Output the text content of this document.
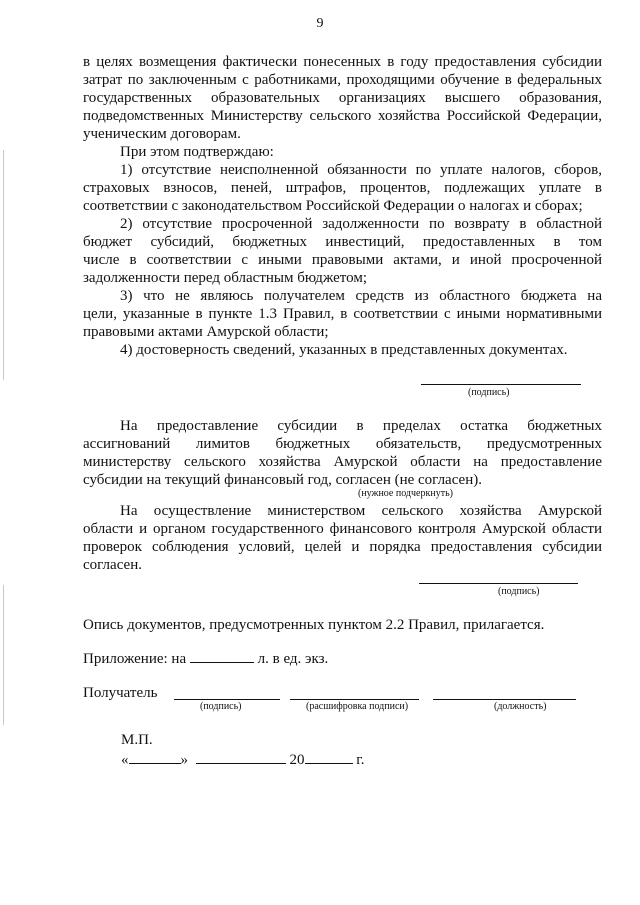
9
в целях возмещения фактически понесенных в году предоставления субсидии
затрат по заключенным с работниками, проходящими обучение в федеральных
государственных образовательных организациях высшего образования,
подведомственных Министерству сельского хозяйства Российской Федерации,
ученическим договорам.
При этом подтверждаю:
1) отсутствие неисполненной обязанности по уплате налогов, сборов,
страховых взносов, пеней, штрафов, процентов, подлежащих уплате в
соответствии с законодательством Российской Федерации о налогах и сборах;
2) отсутствие просроченной задолженности по возврату в областной
бюджет субсидий, бюджетных инвестиций, предоставленных в том
числе в соответствии с иными правовыми актами, и иной просроченной
задолженности перед областным бюджетом;
3) что не являюсь получателем средств из областного бюджета на
цели, указанные в пункте 1.3 Правил, в соответствии с иными нормативными
правовыми актами Амурской области;
4) достоверность сведений, указанных в представленных документах.
(подпись)
На предоставление субсидии в пределах остатка бюджетных
ассигнований лимитов бюджетных обязательств, предусмотренных
министерству сельского хозяйства Амурской области на предоставление
субсидии на текущий финансовый год, согласен (не согласен).
(нужное подчеркнуть)
На осуществление министерством сельского хозяйства Амурской
области и органом государственного финансового контроля Амурской области
проверок соблюдения условий, целей и порядка предоставления субсидии
согласен.
(подпись)
Опись документов, предусмотренных пунктом 2.2 Правил, прилагается.
Приложение: на	л. в ед. экз.
Получатель
(подпись)	(расшифровка подписи)	(должность)
М.П.
«	»	20	г.
